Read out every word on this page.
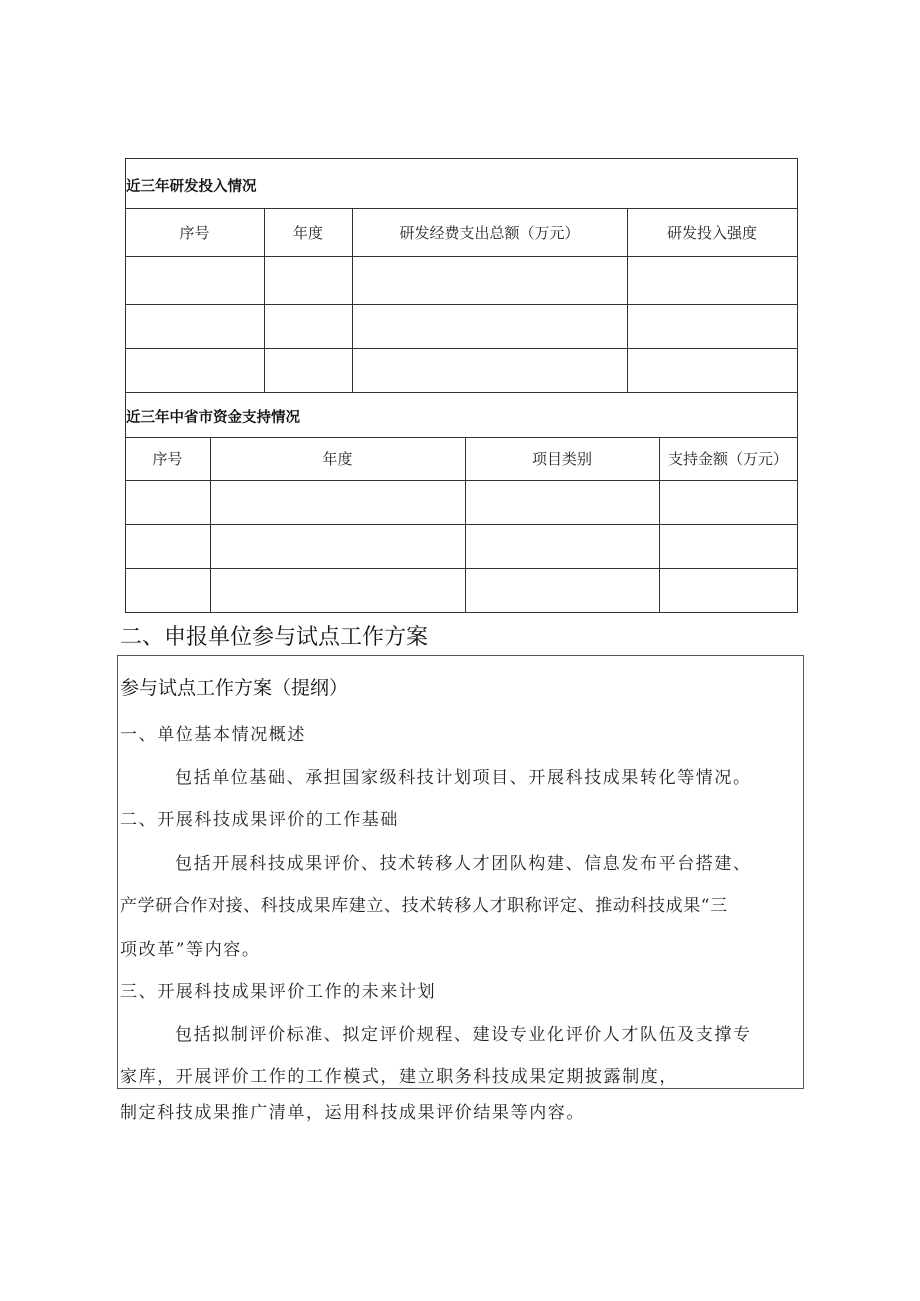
近三年研发投入情况
序号	年度	研发经费支出总额（万元）	研发投入强度
近三年中省市资金支持情况
序号	年度	项目类别	支持金额（万元）
二、申报单位参与试点工作方案
参与试点工作方案（提纲）
一、单位基本情况概述
包括单位基础、承担国家级科技计划项目、开展科技成果转化等情况。
二、开展科技成果评价的工作基础
包括开展科技成果评价、技术转移人才团队构建、信息发布平台搭建、
产学研合作对接、科技成果库建立、技术转移人才职称评定、推动科技成果“三
项改革”等内容。
三、开展科技成果评价工作的未来计划
包括拟制评价标准、拟定评价规程、建设专业化评价人才队伍及支撑专
家库，开展评价工作的工作模式，建立职务科技成果定期披露制度，
制定科技成果推广清单，运用科技成果评价结果等内容。
